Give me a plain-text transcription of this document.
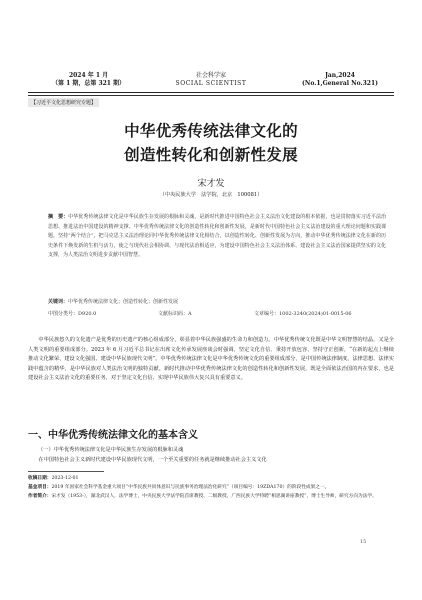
2024 年 1 月
（第 1 期，总第 321 期）
社会科学家
SOCIAL SCIENTIST
Jan,2024
(No.1,General No.321)
【习近平文化思想研究专题】
中华优秀传统法律文化的
创造性转化和创新性发展
宋才发
（中央民族大学　法学院，北京　100081）
摘　要：中华优秀传统法律文化是中华民族生存发展的根脉和灵魂，是新时代推进中国特色社会主义法治文化建设的根本依据，也是贯彻落实习近平法治思想、推进法治中国建设的精神支撑。中华优秀传统法律文化的创造性转化和创新性发展，是新时代中国特色社会主义法治建设的重大理论问题和实践课题。坚持“两个结合”，把马克思主义法治理论同中华优秀传统法律文化相结合，以创造性转化、创新性发展为方向，推动中华优秀传统法律文化在新的历史条件下焕发新的生机与活力，使之与现代社会相协调、与现代法治相适应，为建设中国特色社会主义法治体系、建设社会主义法治国家提供坚实的文化支撑，为人类法治文明进步贡献中国智慧。
关键词：中华优秀传统法律文化；创造性转化；创新性发展
中图分类号：D920.0	文献标识码：A	文章编号：1002-3240(2024)01-0015-06
中华民族悠久的文化遗产是优秀的历史遗产的核心组成部分，彰显着中华民族强盛的生命力和创造力。中华优秀传统文化既是中华文明智慧的结晶，又是全人类文明的重要组成部分。2023 年 6 月习近平总书记在出席文化传承发展座谈会时强调，坚定文化自信、秉持开放包容、坚持守正创新，“在新的起点上继续推动文化繁荣、建设文化强国、建设中华民族现代文明”。中华优秀传统法律文化是中华优秀传统文化的重要组成部分，是中国传统法律制度、法律思想、法律实践中蕴含的精华，是中华民族对人类法治文明的独特贡献。新时代推动中华优秀传统法律文化的创造性转化和创新性发展，既是全面依法治国的内在要求，也是建设社会主义法治文化的重要任务，对于坚定文化自信、实现中华民族伟大复兴具有重要意义。
一、中华优秀传统法律文化的基本含义
（一）中华优秀传统法律文化是中华民族生存发展的根脉和灵魂
在中国特色社会主义新时代建设中华民族现代文明，一个至关重要的任务就是继续推动社会主义文化
收稿日期：2023-12-01
基金项目：2019 年国家社会科学基金重大项目“中华民族共同体意识与民族事务治理法治化研究”（项目编号：19ZDA170）的阶段性成果之一。
作者简介：宋才发（1953-），湖北武汉人，法学博士，中央民族大学法学院首席教授、二级教授，广西民族大学特聘“相思湖讲座教授”，博士生导师，研究方向为法学。
15
